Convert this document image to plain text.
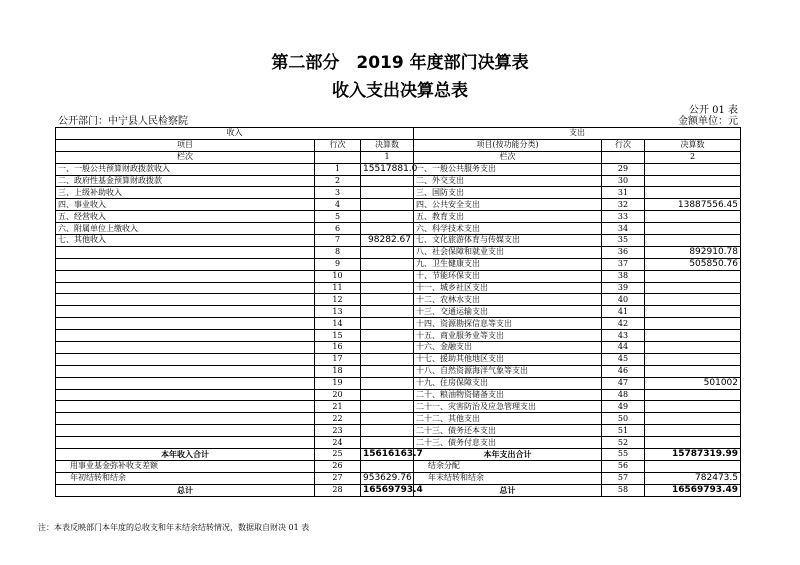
第二部分　2019 年度部门决算表
收入支出决算总表
公开 01 表
公开部门：中宁县人民检察院	金额单位：元
收入			支出		
项目	行次	决算数	项目(按功能分类)	行次	决算数
栏次		1	栏次		2
一、一般公共预算财政拨款收入	1	15517881.0	一、一般公共服务支出	29	
二、政府性基金预算财政拨款	2		二、外交支出	30	
三、上级补助收入	3		三、国防支出	31	
四、事业收入	4		四、公共安全支出	32	13887556.45
五、经营收入	5		五、教育支出	33	
六、附属单位上缴收入	6		六、科学技术支出	34	
七、其他收入	7	98282.67	七、文化旅游体育与传媒支出	35	
	8		八、社会保障和就业支出	36	892910.78
	9		九、卫生健康支出	37	505850.76
	10		十、节能环保支出	38	
	11		十一、城乡社区支出	39	
	12		十二、农林水支出	40	
	13		十三、交通运输支出	41	
	14		十四、资源勘探信息等支出	42	
	15		十五、商业服务业等支出	43	
	16		十六、金融支出	44	
	17		十七、援助其他地区支出	45	
	18		十八、自然资源海洋气象等支出	46	
	19		十九、住房保障支出	47	501002
	20		二十、粮油物资储备支出	48	
	21		二十一、灾害防治及应急管理支出	49	
	22		二十二、其他支出	50	
	23		二十三、债务还本支出	51	
	24		二十三、债务付息支出	52	
本年收入合计	25	15616163.7	本年支出合计	55	15787319.99
用事业基金弥补收支差额	26		结余分配	56	
年初结转和结余	27	953629.76	年末结转和结余	57	782473.5
总计	28	16569793.4	总计	58	16569793.49
注：本表反映部门本年度的总收支和年末结余结转情况，数据取自财决 01 表
